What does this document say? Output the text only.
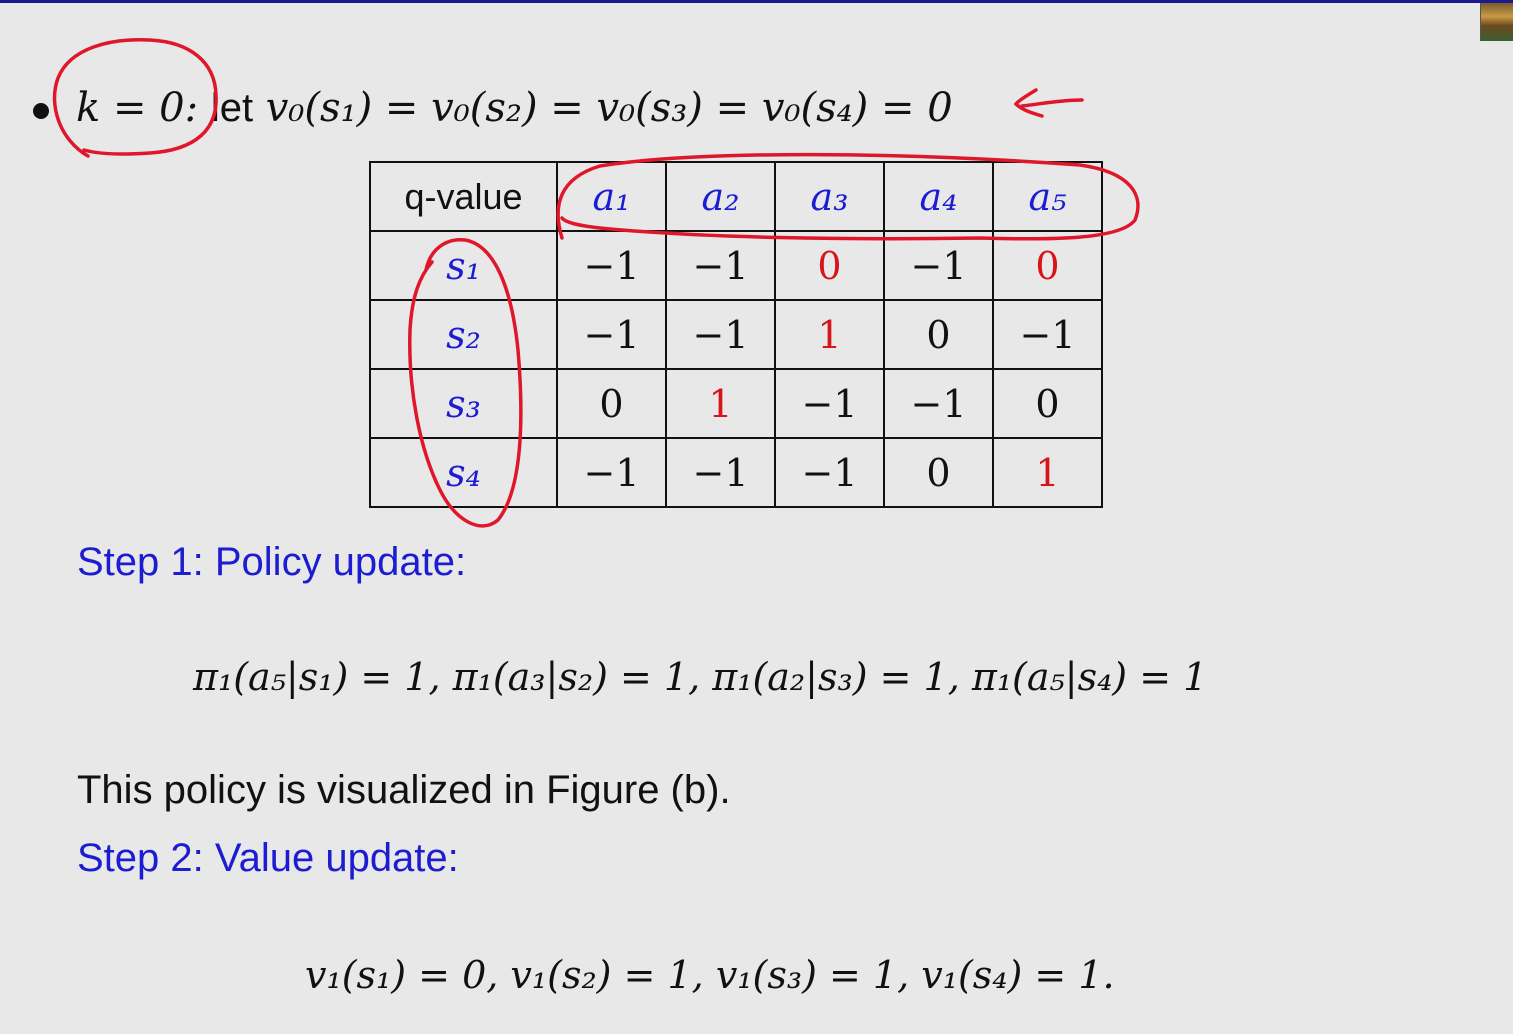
k = 0: let v₀(s₁) = v₀(s₂) = v₀(s₃) = v₀(s₄) = 0
q-value	a₁	a₂	a₃	a₄	a₅
s₁	−1	−1	0	−1	0
s₂	−1	−1	1	0	−1
s₃	0	1	−1	−1	0
s₄	−1	−1	−1	0	1
Step 1: Policy update:
π₁(a₅|s₁) = 1, π₁(a₃|s₂) = 1, π₁(a₂|s₃) = 1, π₁(a₅|s₄) = 1
This policy is visualized in Figure (b).
Step 2: Value update:
v₁(s₁) = 0, v₁(s₂) = 1, v₁(s₃) = 1, v₁(s₄) = 1.
